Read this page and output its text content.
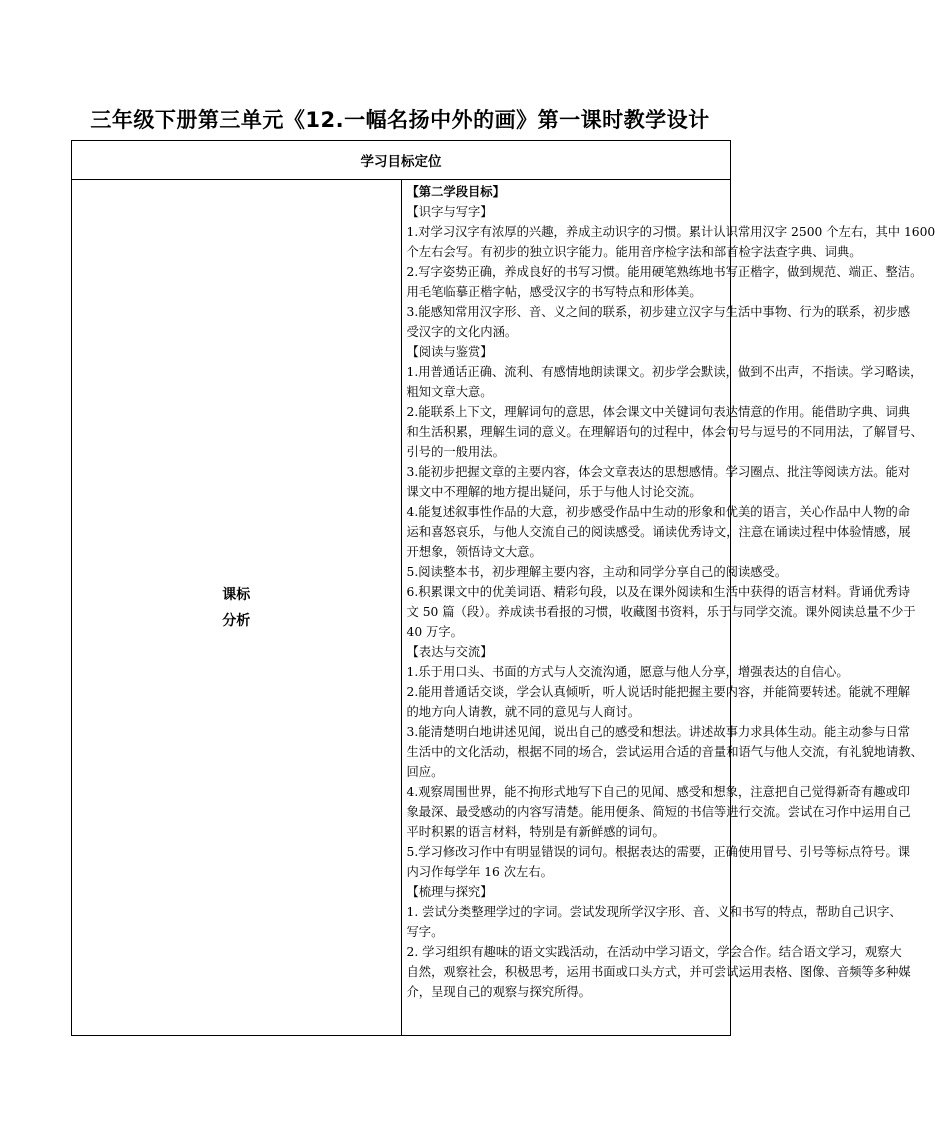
三年级下册第三单元《12.一幅名扬中外的画》第一课时教学设计
学习目标定位

课标
分析

【第二学段目标】
【识字与写字】
1.对学习汉字有浓厚的兴趣，养成主动识字的习惯。累计认识常用汉字 2500 个左右，其中 1600
个左右会写。有初步的独立识字能力。能用音序检字法和部首检字法查字典、词典。
2.写字姿势正确，养成良好的书写习惯。能用硬笔熟练地书写正楷字，做到规范、端正、整洁。
用毛笔临摹正楷字帖，感受汉字的书写特点和形体美。
3.能感知常用汉字形、音、义之间的联系，初步建立汉字与生活中事物、行为的联系，初步感
受汉字的文化内涵。
【阅读与鉴赏】
1.用普通话正确、流利、有感情地朗读课文。初步学会默读，做到不出声，不指读。学习略读，
粗知文章大意。
2.能联系上下文，理解词句的意思，体会课文中关键词句表达情意的作用。能借助字典、词典
和生活积累，理解生词的意义。在理解语句的过程中，体会句号与逗号的不同用法，了解冒号、
引号的一般用法。
3.能初步把握文章的主要内容，体会文章表达的思想感情。学习圈点、批注等阅读方法。能对
课文中不理解的地方提出疑问，乐于与他人讨论交流。
4.能复述叙事性作品的大意，初步感受作品中生动的形象和优美的语言，关心作品中人物的命
运和喜怒哀乐，与他人交流自己的阅读感受。诵读优秀诗文，注意在诵读过程中体验情感，展
开想象，领悟诗文大意。
5.阅读整本书，初步理解主要内容，主动和同学分享自己的阅读感受。
6.积累课文中的优美词语、精彩句段，以及在课外阅读和生活中获得的语言材料。背诵优秀诗
文 50 篇（段）。养成读书看报的习惯，收藏图书资料，乐于与同学交流。课外阅读总量不少于
40 万字。
【表达与交流】
1.乐于用口头、书面的方式与人交流沟通，愿意与他人分享，增强表达的自信心。
2.能用普通话交谈，学会认真倾听，听人说话时能把握主要内容，并能简要转述。能就不理解
的地方向人请教，就不同的意见与人商讨。
3.能清楚明白地讲述见闻，说出自己的感受和想法。讲述故事力求具体生动。能主动参与日常
生活中的文化活动，根据不同的场合，尝试运用合适的音量和语气与他人交流，有礼貌地请教、
回应。
4.观察周围世界，能不拘形式地写下自己的见闻、感受和想象，注意把自己觉得新奇有趣或印
象最深、最受感动的内容写清楚。能用便条、简短的书信等进行交流。尝试在习作中运用自己
平时积累的语言材料，特别是有新鲜感的词句。
5.学习修改习作中有明显错误的词句。根据表达的需要，正确使用冒号、引号等标点符号。课
内习作每学年 16 次左右。
【梳理与探究】
1. 尝试分类整理学过的字词。尝试发现所学汉字形、音、义和书写的特点，帮助自己识字、
写字。
2. 学习组织有趣味的语文实践活动，在活动中学习语文，学会合作。结合语文学习，观察大
自然，观察社会，积极思考，运用书面或口头方式，并可尝试运用表格、图像、音频等多种媒
介，呈现自己的观察与探究所得。
